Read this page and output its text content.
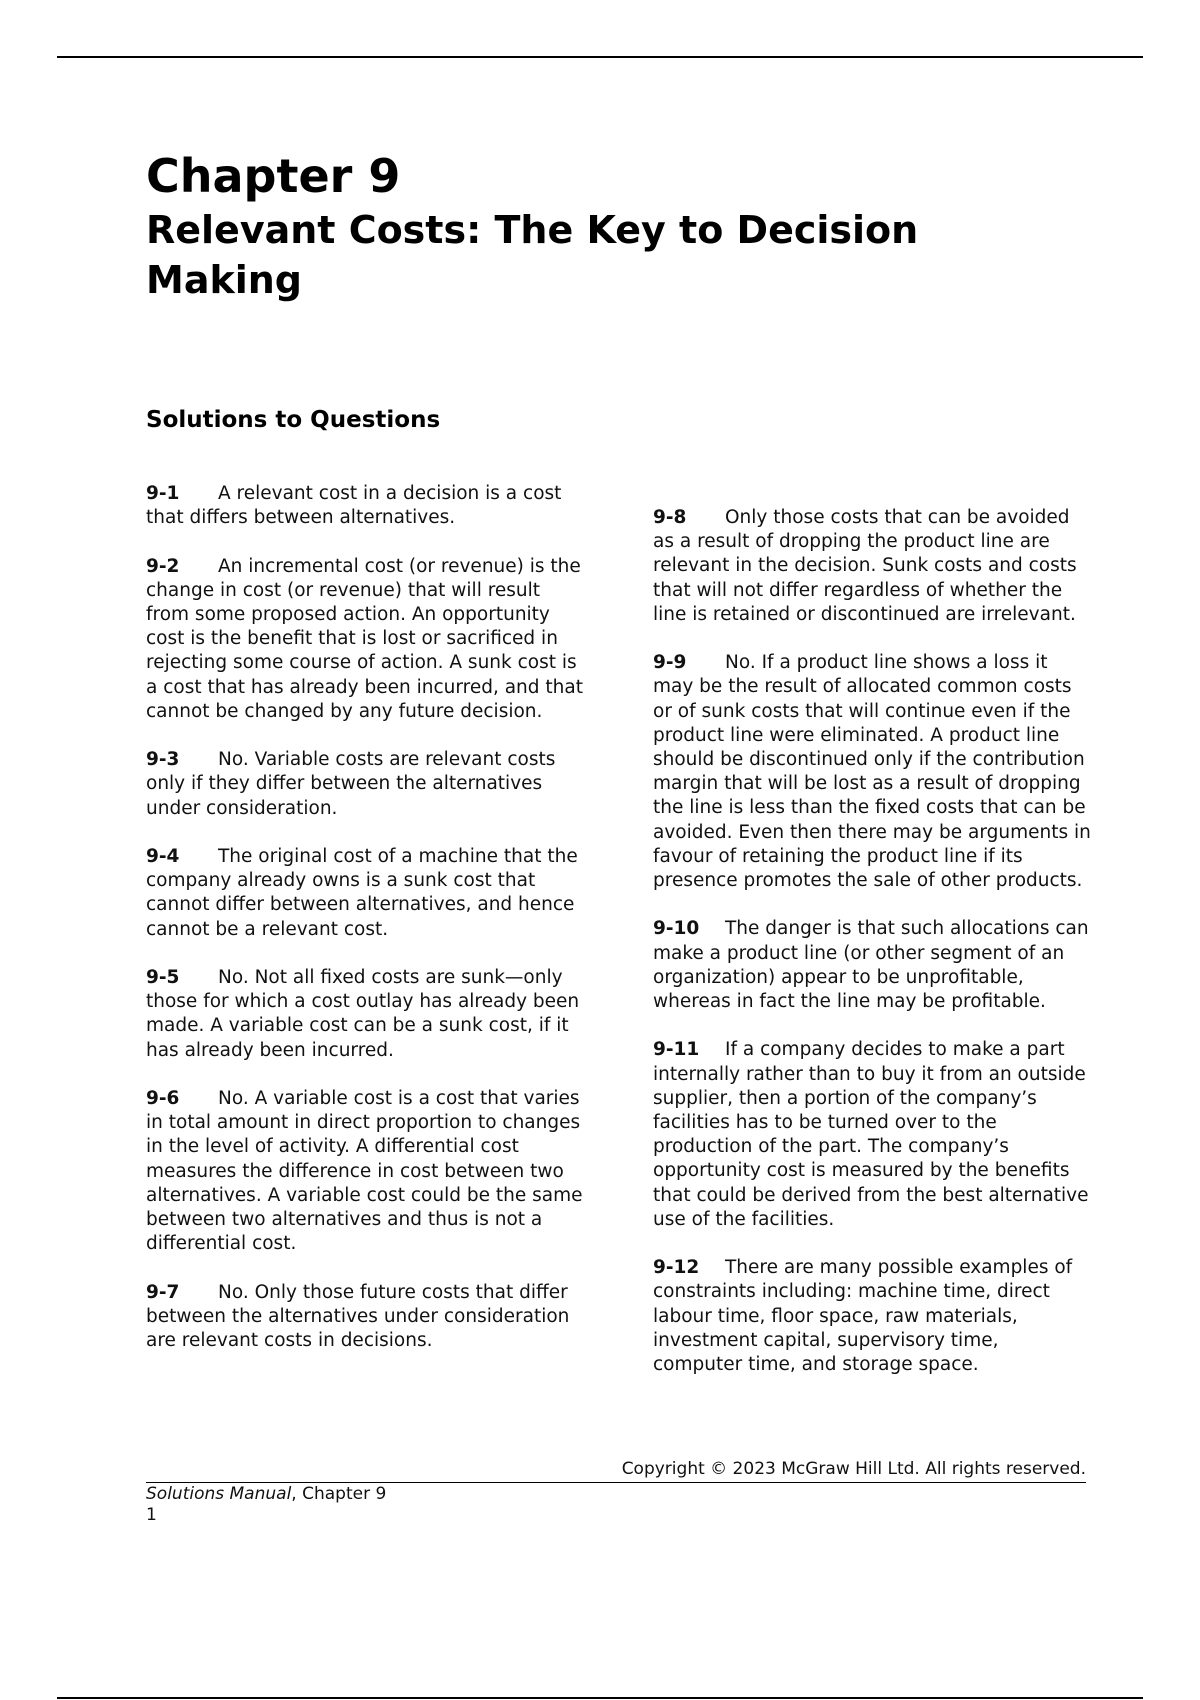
Chapter 9
Relevant Costs: The Key to Decision Making
Solutions to Questions

9-1 A relevant cost in a decision is a cost that differs between alternatives.

9-2 An incremental cost (or revenue) is the change in cost (or revenue) that will result from some proposed action. An opportunity cost is the benefit that is lost or sacrificed in rejecting some course of action. A sunk cost is a cost that has already been incurred, and that cannot be changed by any future decision.

9-3 No. Variable costs are relevant costs only if they differ between the alternatives under consideration.

9-4 The original cost of a machine that the company already owns is a sunk cost that cannot differ between alternatives, and hence cannot be a relevant cost.

9-5 No. Not all fixed costs are sunk—only those for which a cost outlay has already been made. A variable cost can be a sunk cost, if it has already been incurred.

9-6 No. A variable cost is a cost that varies in total amount in direct proportion to changes in the level of activity. A differential cost measures the difference in cost between two alternatives. A variable cost could be the same between two alternatives and thus is not a differential cost.

9-7 No. Only those future costs that differ between the alternatives under consideration are relevant costs in decisions.

9-8 Only those costs that can be avoided as a result of dropping the product line are relevant in the decision. Sunk costs and costs that will not differ regardless of whether the line is retained or discontinued are irrelevant.

9-9 No. If a product line shows a loss it may be the result of allocated common costs or of sunk costs that will continue even if the product line were eliminated. A product line should be discontinued only if the contribution margin that will be lost as a result of dropping the line is less than the fixed costs that can be avoided. Even then there may be arguments in favour of retaining the product line if its presence promotes the sale of other products.

9-10 The danger is that such allocations can make a product line (or other segment of an organization) appear to be unprofitable, whereas in fact the line may be profitable.

9-11 If a company decides to make a part internally rather than to buy it from an outside supplier, then a portion of the company’s facilities has to be turned over to the production of the part. The company’s opportunity cost is measured by the benefits that could be derived from the best alternative use of the facilities.

9-12 There are many possible examples of constraints including: machine time, direct labour time, floor space, raw materials, investment capital, supervisory time, computer time, and storage space.

Copyright © 2023 McGraw Hill Ltd. All rights reserved.
Solutions Manual, Chapter 9
1
